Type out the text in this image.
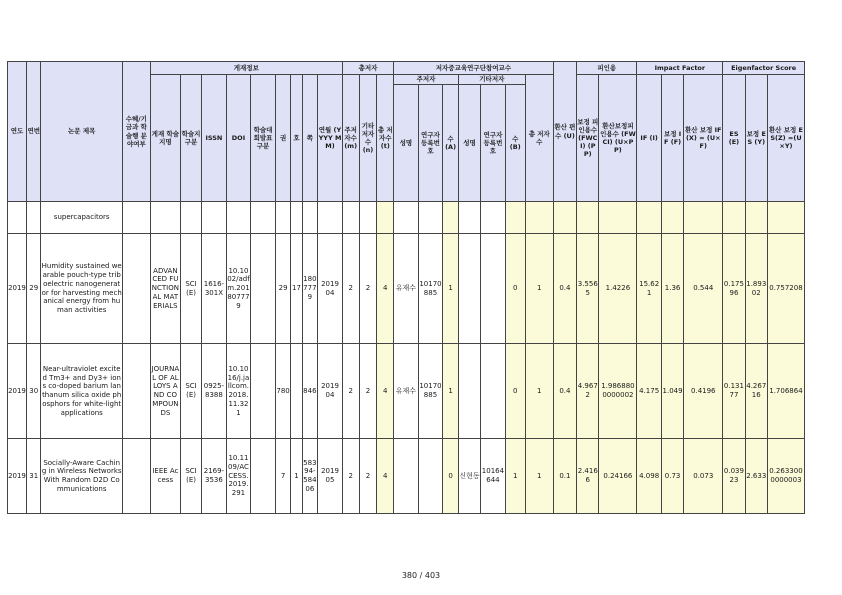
연도	연번	논문 제목	수혜/기금과 학술행 분야여부	게재정보									총저자			저자중교육연구단참여교수							환산 편수 (U)	피인용		Impact Factor			Eigenfactor Score		
				게재 학술지명	학술지 구분	ISSN	DOI	학술대회발표 구분	권	호	쪽	연월 (YYYY MM)	주저자수 (m)	기타 저자수 (n)	총 저자수 (t)	주저자			기타저자			총 저자수		보정 피인용수 (FWCI) (PP)	환산보정피인용수 (FWCI) (U×PP)	IF (I)	보정 IF (F)	환산 보정 IF(X) = (U×F)	ES (E)	보정 ES (Y)	환산 보정 ES(Z) =(U×Y)
																성명	연구자 등록번호	수 (A)	성명	연구자 등록번호	수 (B)										
		supercapacitors																													
2019	29	Humidity sustained wearable pouch-type triboelectric nanogenerator for harvesting mechanical energy from human activities		ADVANCED FUNCTIONAL MATERIALS	SCI(E)	1616-301X	10.1002/adfm.201807779		29	17	1807779	2019 04	2	2	4	유재수	10170885	1			0	1	0.4	3.5565	1.4226	15.621	1.36	0.544	0.17596	1.89302	0.757208
2019	30	Near-ultraviolet excited Tm3+ and Dy3+ ions co-doped barium lanthanum silica oxide phosphors for white-light applications		JOURNAL OF ALLOYS AND COMPOUNDS	SCI(E)	0925-8388	10.1016/j.jallcom.2018.11.321		780		846	2019 04	2	2	4	유재수	10170885	1			0	1	0.4	4.9672	1.9868800000002	4.175	1.049	0.4196	0.13177	4.26716	1.706864
2019	31	Socially-Aware Caching in Wireless Networks With Random D2D Communications		IEEE Access	SCI(E)	2169-3536	10.1109/ACCESS.2019.291		7	1	58394-58406	2019 05	2	2	4			0	신현동	10164644	1	1	0.1	2.4166	0.24166	4.098	0.73	0.073	0.03923	2.633	0.2633000000003
380 / 403
